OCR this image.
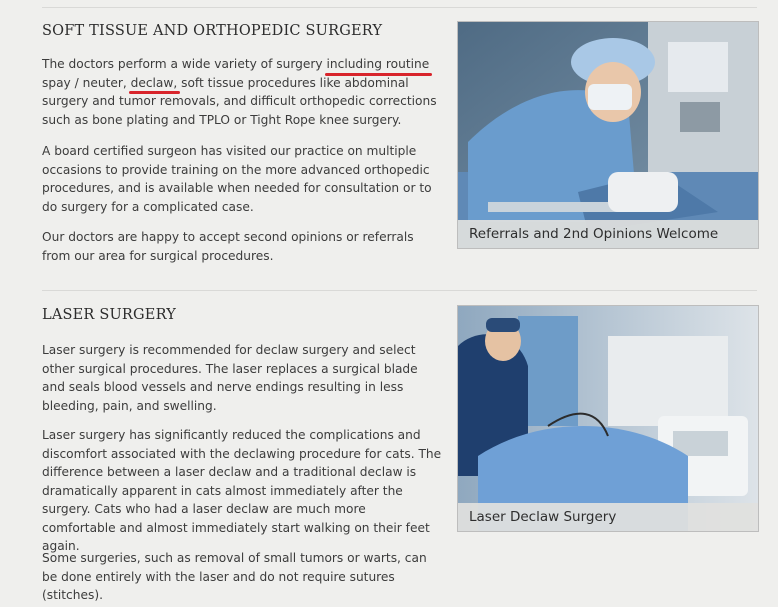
SOFT TISSUE AND ORTHOPEDIC SURGERY

The doctors perform a wide variety of surgery including routine spay / neuter, declaw, soft tissue procedures like abdominal surgery and tumor removals, and difficult orthopedic corrections such as bone plating and TPLO or Tight Rope knee surgery.

A board certified surgeon has visited our practice on multiple occasions to provide training on the more advanced orthopedic procedures, and is available when needed for consultation or to do surgery for a complicated case.

Our doctors are happy to accept second opinions or referrals from our area for surgical procedures.

Referrals and 2nd Opinions Welcome
LASER SURGERY

Laser surgery is recommended for declaw surgery and select other surgical procedures. The laser replaces a surgical blade and seals blood vessels and nerve endings resulting in less bleeding, pain, and swelling.

Laser surgery has significantly reduced the complications and discomfort associated with the declawing procedure for cats. The difference between a laser declaw and a traditional declaw is dramatically apparent in cats almost immediately after the surgery. Cats who had a laser declaw are much more comfortable and almost immediately start walking on their feet again.

Some surgeries, such as removal of small tumors or warts, can be done entirely with the laser and do not require sutures (stitches).

Laser Declaw Surgery
